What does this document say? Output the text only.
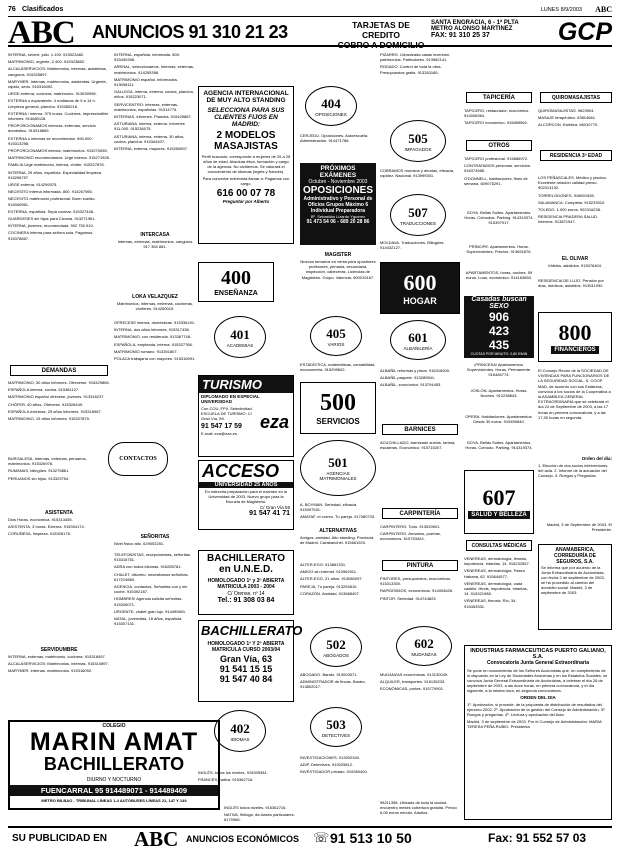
76 Clasificados	LUNES 8/9/2003 ABC
ABC ANUNCIOS 91 310 21 23	TARJETAS DE CREDITO
COBRO A DOMICILIO
SANTA ENGRACIA, 6 - 1ª PLTA
METRO ALONSO MARTINEZ
FAX: 91 310 25 37	GCP

INTERNA, sin/ext. julio. 1.100. 915323482.

MATRIMONIO, urgente, 2.400. 915323882.

ALCALÁSERVICIOS: Matrimonios, internas, asistentas, canguros. 915325897.

MARYMER. Internas, matrimonios, asistentas. Urgente, rápido, serio. 915316092.

URGE externa, cocinera, matrimonio. 913630998.

EXTERNA o equivalente. 4 mañanas de 9 a 14 h. Limpieza general, plancha. 915365218.

EXTERNA / interna. 975 euros. Cocinera. Imprescindible informes. 914680118.

PROPORCIONAMOS internas, externas, servicio doméstico. 915318669.

EXTERNA o internas se recomiendan. 690.000. 915313298.

PROPORCIONAMOS interna, matrimonios. 915270055.

MATRIMONIO recomendamos. Urge interna. 915271928.

FAMILIA Urge matrimonio, interna, chófer. 915327878.

INTERNA, 29 años, española. Especialidad limpieza. 915296757.

URGE externa, 914299375.

NECESITO interna informada. 800. 914267955.

NECESITO matrimonio profesional. Buen sueldo. 918340961.

EXTERNA, española. Sepa cocinar. 915327448.

GUARDESES sin hijos para Ciconia. 913271961.

INTERNA, jóvenes, recomendada. 902 750 910.

COCINERA interna para señora sola. Pagamos. 915378867.

DEMANDAS

MATRIMONIO, 30 años informes. Ofrecerse. 915329806.

ESPAÑOLA interna, cocina. 915381127.

MATRIMONIO español ofrécese, jóvenes. 913316237.

CHÓFER, 40 años. Ofrécese. 915326449.

ESPAÑOLA externas, 29 años informes. 915318967.

MATRIMONIO, 15 años informes. 915327879.

CONTACTOS

BURGALESA. Internas, externas, peruanos, matrimonios. 915326978.

RUMANAS, bilingües. 913275861.

PERUANOS sin hijos. 913329754.

ASISTENTA

Dios Horas, económica. 915313455.

ASISTENTA, 3 horas. Externa. 915354174.

CORUÑESA, limpieza. 915328178.

SERVIDUMBRE

INTERNA, externas, matrimonio, cocinera. 915318497.

ALCALÁSERVICIOS: Matrimonios, internas. 915310897.

MARYMER, internas, matrimonios. 915316092.

COLEGIO
MARIN AMAT
BACHILLERATO
DIURNO Y NOCTURNO
FUENCARRAL 95 914489071 - 914489409
METRO BILBAO - TRIBUNAL LÍNEAS 1-4 AUTOBUSES LÍNEAS 21, 147 Y 149

INTERNA, española, informada, 800. 915430398.

ARENAL, seleccionamos. Internas, externas, matrimonios. 914255398.

MATRIMONIO español. Informados. 913098111.

GALLEGA, interna, externa, cocina, plancha, niños. 915223071.

SERVICENTRO: Internas, externas, matrimonios, españolas. 91314775.

INTERNAS, informes. Plancha. 915425887.

ASTURIANA, interna, externa. Informes 911.000. 915236075.

ASTURIANA, interna, externa, 30 años, cocina, plancha. 915344407.

INTERNA, externa, mayores. 915250897.

INTERCASA
Internas, externas, matrimonios, canguros 917 354 881.
LOKA VELAZQUEZ
Matrimonios, internas, externas, cocineras, chóferes. 914260015.

OFRECESE interna, domésticas. 915336191.

INTERNA, dos años informes, 915317438.

MATRIMONIO, con residencia. 913367748.

ESPAÑOLA, empleada, interna. 915327768.

MATRIMONIO rumano. 913351807.

POLACA trabajaría con mayores. 915316091.

SEÑORITAS
Nivel físico alto. 629053251.

TELEFONISTAS, recepcionistas, señoritas. 915316751.

ADRA con todos idiomas. 915285781.

CHALET, discreto, necesitamos señoritas. 617219883.

AGENCIA, contactos. Señoritas con y sin coche. 915392187.

HOMBRES! Agencia solicita señoritas. 915326071.

URGENTE, chalet gran lujo. 914490801.

NATAL, jovencitas, 18 años, española. 915307131.

INGLÉS todos niveles. 915362716.

NATIVA, filóloga, da clases particulares. 6170966.

AGENCIA INTERNACIONAL DE MUY ALTO STANDING
SELECCIONA PARA SUS CLIENTES FIJOS EN MADRID:
2 MODELOS MASAJISTAS
Perfil buscado: corresponde a mujeres de 25 a 25 años de edad. Absoluta ética, formación y cargo de la agencia. No olvidemos. Se valorará el conocimiento de idiomas (inglés y francés).
Para concertar entrevista llamar a: Pagamos con cargo.
616 00 07 78
Preguntar por Alberto
400
ENSEÑANZA
401
ACADEMIAS
TURISMO
DIPLOMADO EN ESPECIAL UNIVERSIDAD
Con COU, FPII, Selectividad. ESCUELA DE TURISMO. C/ Gran Vía, 59.
91 547 17 59
E-mail: eza@eza.es
eza
ACCESO
UNIVERSIDAD 25 AÑOS
En estrecha preparación para el examen en la Universidad de 2003. Nuevo grupo para la Escuela de Magisterio.
C/ Gran Vía 59
91 547 41 71
BACHILLERATO en U.N.E.D.
HOMOLOGADO 1º y 2º ABIERTA MATRICULA 2003 - 2004
C/ Orense, nº 14
Tel.: 91 308 03 84
BACHILLERATO
HOMOLOGADO 1º Y 2º ABIERTA MATRICULA CURSO 2003/04
Gran Vía, 63
91 541 15 15
91 547 40 84
402
IDIOMAS

INGLÉS, todos los niveles. 915305381.

FRANCÉS, nativa. 915362716.

404
OPOSICIONES
CERJEDU. Oposiciones. Autoescuela. Administración. 914471786.
PRÓXIMOS EXÁMENES
Octubre - Noviembre 2003
OPOSICIONES
Administrativo y Personal de Oficios Grupos Máximo 6 Individual Preparadora
Bº. Sebastián Lizardo Yguerez
91 473 54 06 - 689 20 28 86
MAGISTER
Nuevos temarios en venta para opositores profesores, primaria, secundaria, inspección, cabeceras, Licencias de Magisterio. Grupo. Valencia, 900010167.
405
VARIOS
ESTADÍSTICA, matemáticas, contabilidad, econometría. 915299602.
500
SERVICIOS
501
AGENCIAS MATRIMONIALES

A. BOYMAN. Seriedad, eficacia. 915397531.

AMATAF, el correo. Tu pareja. 917080733.

ALTERNATIVAS
Amigos, amistad. Alto standing. Provincia de Madrid. Carabanchel. 915661920.

ALTER-EGO. 913861331.

AMIGO sin internet. 913962511.

ALTER-EGO, 21 años. 913080097.

PAREJA, Tu pareja. 913294810.

CORAZÓN. Amistad. 913668407.

502
ABOGADOS

ABOGADO. Barato. 913003571.

ADMINISTRADOR de fincas. Barato. 913802017.

503
DETECTIVES

INVESTIGACIONES. 913002340.

ADIP. Detectives. 913025812.

INVESTIGADOR privado. 915350400.

PIZARRO. Urbanizada casas inversión, patrimonios. Particulares. 913982141.

RODADO. Control de toda la obra. Presupuestos gratis. 913263185.

505
IMPAGADOS
COBRAMOS morosos y deudas, eficacia, rapidez. Nacional. 913999301.
507
TRADUCCIONES
MOLDAVA. Traducciones. Bilingües. 914432127.
600
HOGAR
601
ALBAÑILERÍA

ALBAÑIL reformas y pisos. 916318200.

ALBAÑIL paquete. 913289541.

ALBAÑIL, económico. 913794453.

BARNICES
ACUCHILLADO, barnizado suelos, tarima, escaleras. Económico. 915715207.
CARPINTERÍA

CARPINTERO. Todo. 913519601.

CARPINTERO. Armarios, puertas, económicos. 619753424.

PINTURA

PINTORES, presupuestos, económicos. 915313300.

RAPIDÍSIMOS, económicos. 914004626.

PINTOR. Seriedad. 914744823.

602
MUDANZAS

MUDANZAS económicas. 913130049.

ALQUILER, transportes. 916135233.

ECONÓMICAS, portes. 915779901.

98211398. Ubicado de toda la ciudad, encuentro meses cobertura gratuita. Precio 6,06 euros minuto. Adultos.
TAPICERÍA

TAPICERO, restaurador, económico. 914006364.

TAPICERO económico. 915869562.

OTROS

TAPICERO profesional. 915866972.

CONTRATAMOS personas, servicios. 916373985.

O'DONNELL, habitaciones, fines de semana. 609075291.

GOYA. Bellas Suites. Apartamentos. Horas. Cómodos. Parking. 914319374. 915397917.
PRÍNCIPE. Apartamentos. Horas. Supervivientes. Precios. 913691876.
APARTAMENTOS, horas, noches. 59 euros. Loan, económico. 914163853.
Casadas buscan SEXO
906
423
435
CUOTAS POR MINUTO: 0,89 €/MIN
¡PRINCESA! Apartamentos. Supervivientes. Horas. Permanente. 916484774.
JOSLON. Apartamentos. Horas. Noches. 912238843.
OPERA. Habitaciones. Apartamentos. Desde 30 euros. 915490840.
GOYA. Bellas Suites. Apartamentos. Horas. Cómodo. Parking. 914319374.
607
SALUD Y BELLEZA
CONSULTAS MÉDICAS

VENEREAS, dermatología, fimosis, impotencia. Infantas, 14. 915232557.

VENEREAS, dermatología. Paseo Habana, 62. 915644577.

VENEREAS, dermatología, cada castillo. Hinds, impotencia. Infantas, 14. 915321988.

VENEREAS, fimosis. Rio, 34. 915453331.

QUIROMASAJISTAS

QUIROMASAJISTAS. 9823904.

MASAJE terapéutico. 63814661.

ALCORCON. Estética. 66310770.

RESIDENCIA 3ª EDAD

LOS PEÑASCALES. Médico y piscina. Excelente relación calidad precio. 902313132.

TORRELODONES. 918501536.

SALAMANCA. Completa. 915233010.

TOLEDO. 1.000 euros. 902316238.

RESIDENCIA PRADERA SALUD. Internos. 913871947.

EL OLIVAR
Válidos, asistidos. 913076404.
RESIDENCIA DE LUJO. Pensión por días, médicos, asistidos. 913511932.
800
FINANCIEROS
El Consejo Rector de la SOCIEDAD DE VIVIENDAS PARA FUNCIONARIOS DE LA SEGURIDAD SOCIAL, S. COOP. MAD, de acuerdo con sus Estatutos, convoca a los socios de la Cooperativa a la ASAMBLEA GENERAL EXTRAORDINARIA que se celebrará el día 24 de Septiembre de 2003, a las 17 horas en primera convocatoria, y a las 17,30 horas en segunda.
Orden del día:
1. Elección de dos socios interventores del acta. 2. Informe de la actuación del Consejo. 3. Ruegos y Preguntas.
Madrid, 3 de Septiembre de 2003. El Presidente.
ANAMABERICA, CORREDURÍA DE SEGUROS, S.A.
Se informa que por acuerdo de la Junta Extraordinaria de Accionistas, con fecha 2 de septiembre de 2003, se ha procedido al cambio del domicilio social. Madrid, 3 de septiembre de 2003.
INDUSTRIAS FARMACEUTICAS PUERTO GALIANO, S.A.
Convocatoria Junta General Extraordinaria
Se pone en conocimiento de los Señores Accionistas que, en cumplimiento de lo dispuesto en la Ley de Sociedades Anónimas y en los Estatutos Sociales, se convoca Junta General Extraordinaria de Accionistas, a celebrar el día 26 de septiembre de 2003, a las doce horas, en primera convocatoria, y el día siguiente, a la misma hora, en segunda convocatoria.
ORDEN DEL DIA
1º. Aprobación, si procede, de la propuesta de distribución de resultados del ejercicio 2002. 2º. Aprobación de la gestión del Consejo de Administración. 3º. Ruegos y preguntas. 4º. Lectura y aprobación del Acta.
Madrid, 3 de septiembre de 2003. Por el Consejo de Administración: MARIA TERESA PEÑA RUBIO, Presidenta
SU PUBLICIDAD EN ABC ANUNCIOS ECONÓMICOS ☏ 91 513 10 50	Fax: 91 552 57 03
